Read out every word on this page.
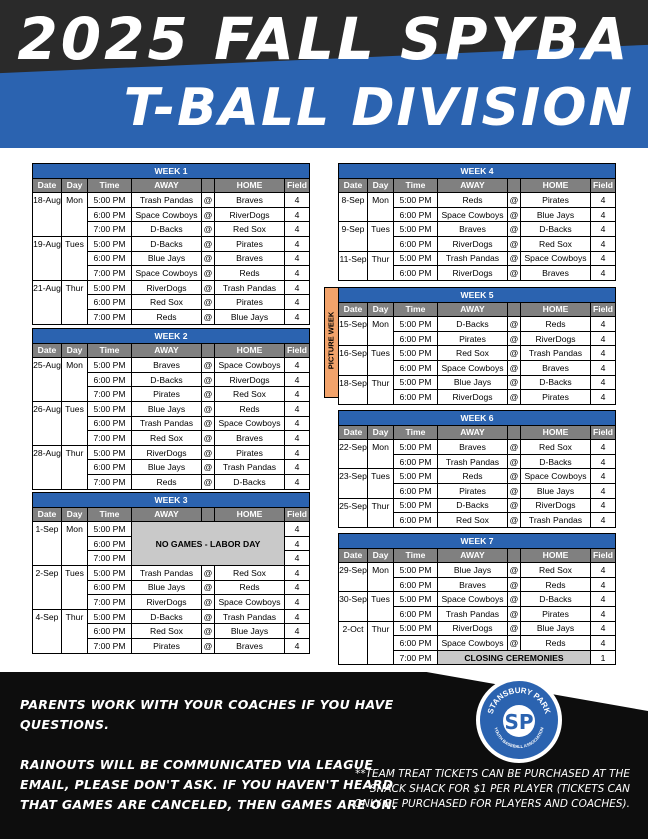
2025 FALL SPYBA
T-BALL DIVISION
WEEK 1						
Date	Day	Time	AWAY		HOME	Field
18-Aug	Mon	5:00 PM	Trash Pandas	@	Braves	4
		6:00 PM	Space Cowboys	@	RiverDogs	4
		7:00 PM	D-Backs	@	Red Sox	4
19-Aug	Tues	5:00 PM	D-Backs	@	Pirates	4
		6:00 PM	Blue Jays	@	Braves	4
		7:00 PM	Space Cowboys	@	Reds	4
21-Aug	Thur	5:00 PM	RiverDogs	@	Trash Pandas	4
		6:00 PM	Red Sox	@	Pirates	4
		7:00 PM	Reds	@	Blue Jays	4
WEEK 2						
Date	Day	Time	AWAY		HOME	Field
25-Aug	Mon	5:00 PM	Braves	@	Space Cowboys	4
		6:00 PM	D-Backs	@	RiverDogs	4
		7:00 PM	Pirates	@	Red Sox	4
26-Aug	Tues	5:00 PM	Blue Jays	@	Reds	4
		6:00 PM	Trash Pandas	@	Space Cowboys	4
		7:00 PM	Red Sox	@	Braves	4
28-Aug	Thur	5:00 PM	RiverDogs	@	Pirates	4
		6:00 PM	Blue Jays	@	Trash Pandas	4
		7:00 PM	Reds	@	D-Backs	4
WEEK 3						
Date	Day	Time	AWAY		HOME	Field
1-Sep	Mon	5:00 PM	NO GAMES - LABOR DAY			4
		6:00 PM				4
		7:00 PM				4
2-Sep	Tues	5:00 PM	Trash Pandas	@	Red Sox	4
		6:00 PM	Blue Jays	@	Reds	4
		7:00 PM	RiverDogs	@	Space Cowboys	4
4-Sep	Thur	5:00 PM	D-Backs	@	Trash Pandas	4
		6:00 PM	Red Sox	@	Blue Jays	4
		7:00 PM	Pirates	@	Braves	4
WEEK 4						
Date	Day	Time	AWAY		HOME	Field
8-Sep	Mon	5:00 PM	Reds	@	Pirates	4
		6:00 PM	Space Cowboys	@	Blue Jays	4
9-Sep	Tues	5:00 PM	Braves	@	D-Backs	4
		6:00 PM	RiverDogs	@	Red Sox	4
11-Sep	Thur	5:00 PM	Trash Pandas	@	Space Cowboys	4
		6:00 PM	RiverDogs	@	Braves	4
WEEK 5						
Date	Day	Time	AWAY		HOME	Field
15-Sep	Mon	5:00 PM	D-Backs	@	Reds	4
		6:00 PM	Pirates	@	RiverDogs	4
16-Sep	Tues	5:00 PM	Red Sox	@	Trash Pandas	4
		6:00 PM	Space Cowboys	@	Braves	4
18-Sep	Thur	5:00 PM	Blue Jays	@	D-Backs	4
		6:00 PM	RiverDogs	@	Pirates	4
WEEK 6						
Date	Day	Time	AWAY		HOME	Field
22-Sep	Mon	5:00 PM	Braves	@	Red Sox	4
		6:00 PM	Trash Pandas	@	D-Backs	4
23-Sep	Tues	5:00 PM	Reds	@	Space Cowboys	4
		6:00 PM	Pirates	@	Blue Jays	4
25-Sep	Thur	5:00 PM	D-Backs	@	RiverDogs	4
		6:00 PM	Red Sox	@	Trash Pandas	4
WEEK 7						
Date	Day	Time	AWAY		HOME	Field
29-Sep	Mon	5:00 PM	Blue Jays	@	Red Sox	4
		6:00 PM	Braves	@	Reds	4
30-Sep	Tues	5:00 PM	Space Cowboys	@	D-Backs	4
		6:00 PM	Trash Pandas	@	Pirates	4
2-Oct	Thur	5:00 PM	RiverDogs	@	Blue Jays	4
		6:00 PM	Space Cowboys	@	Reds	4
		7:00 PM	CLOSING CEREMONIES			1
PICTURE WEEK
PARENTS WORK WITH YOUR COACHES IF YOU HAVE
QUESTIONS.
RAINOUTS WILL BE COMMUNICATED VIA LEAGUE
EMAIL, PLEASE DON'T ASK. IF YOU HAVEN'T HEARD
THAT GAMES ARE CANCELED, THEN GAMES ARE ON.
**TEAM TREAT TICKETS CAN BE PURCHASED AT THE
SNACK SHACK FOR $1 PER PLAYER (TICKETS CAN
ONLY BE PURCHASED FOR PLAYERS AND COACHES).
STANSBURY PARK
YOUTH BASEBALL ASSOCIATION
SP
